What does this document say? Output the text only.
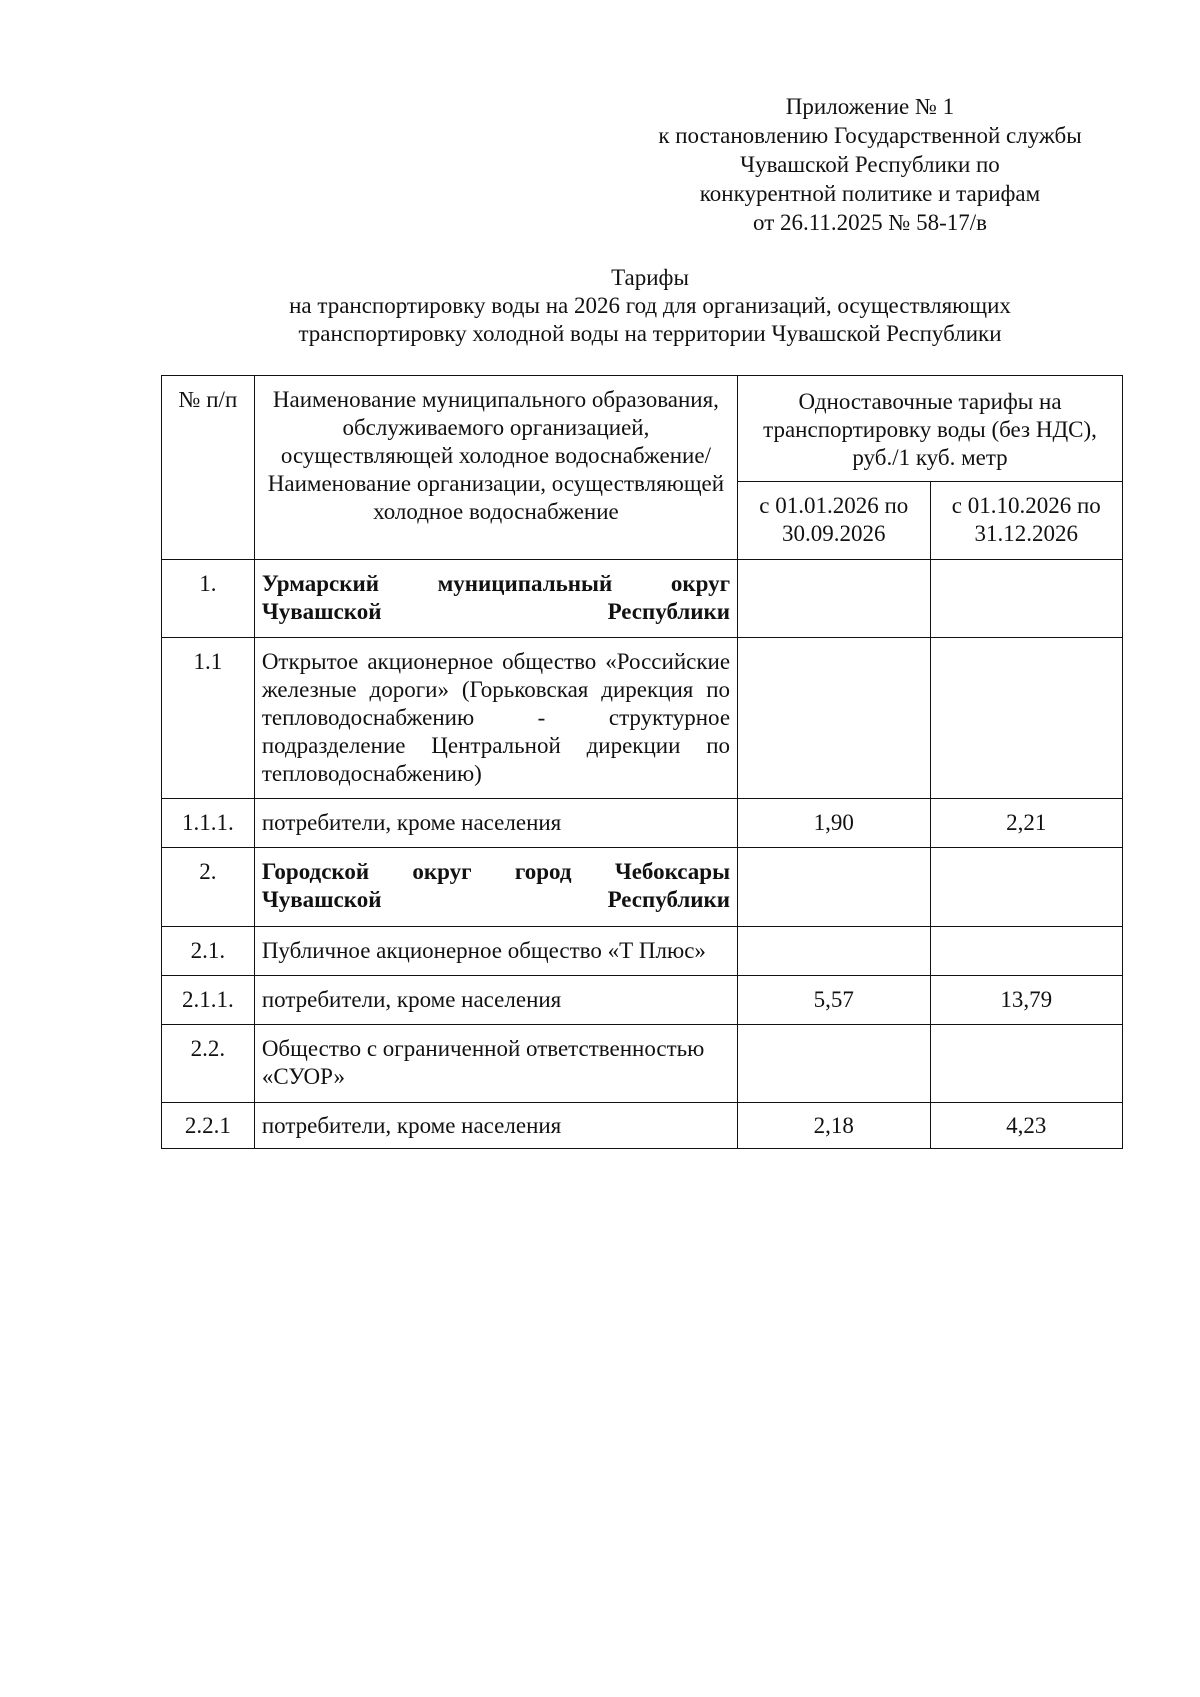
Приложение № 1
к постановлению Государственной службы
Чувашской Республики по
конкурентной политике и тарифам
от 26.11.2025 № 58-17/в
Тарифы
на транспортировку воды на 2026 год для организаций, осуществляющих
транспортировку холодной воды на территории Чувашской Республики
№ п/п	Наименование муниципального образования, обслуживаемого организацией, осуществляющей холодное водоснабжение/Наименование организации, осуществляющей холодное водоснабжение	Одноставочные тарифы на транспортировку воды (без НДС), руб./1 куб. метр	
		с 01.01.2026 по 30.09.2026	с 01.10.2026 по 31.12.2026
1.	Урмарский муниципальный округ Чувашской Республики		
1.1	Открытое акционерное общество «Российские железные дороги» (Горьковская дирекция по тепловодоснабжению - структурное подразделение Центральной дирекции по тепловодоснабжению)		
1.1.1.	потребители, кроме населения	1,90	2,21
2.	Городской округ город Чебоксары Чувашской Республики		
2.1.	Публичное акционерное общество «Т Плюс»		
2.1.1.	потребители, кроме населения	5,57	13,79
2.2.	Общество с ограниченной ответственностью «СУОР»		
2.2.1	потребители, кроме населения	2,18	4,23
